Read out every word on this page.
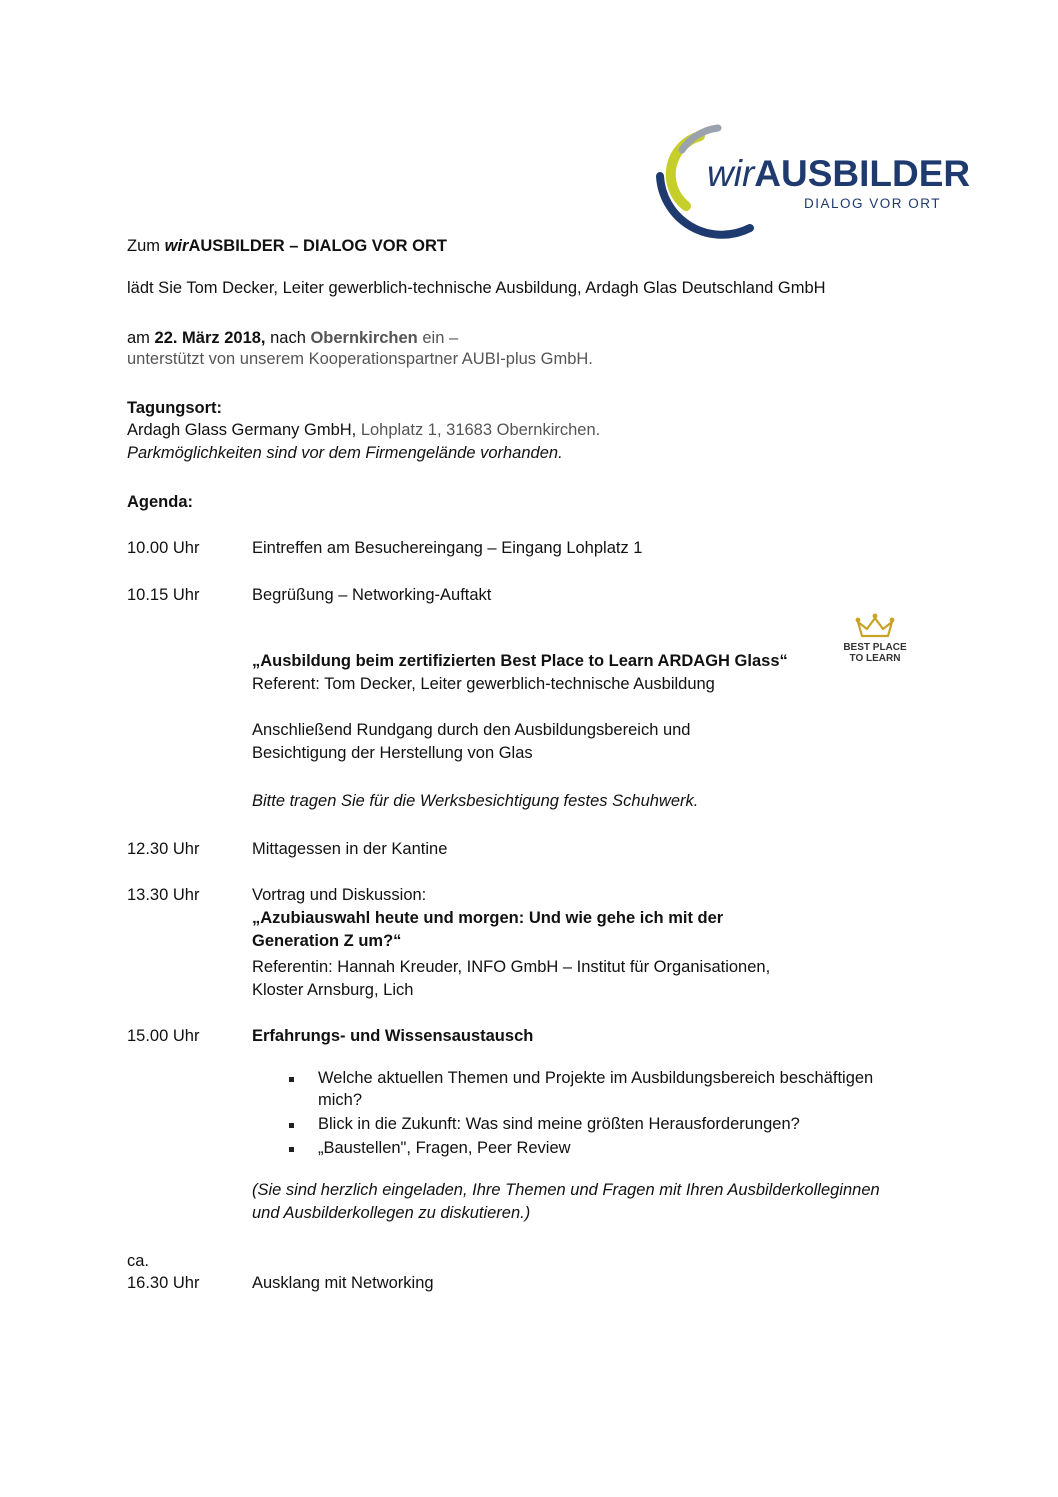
wirAUSBILDER
DIALOG VOR ORT
Zum wirAUSBILDER – DIALOG VOR ORT
lädt Sie Tom Decker, Leiter gewerblich-technische Ausbildung, Ardagh Glas Deutschland GmbH
am 22. März 2018, nach Obernkirchen ein –
unterstützt von unserem Kooperationspartner AUBI-plus GmbH.
Tagungsort:
Ardagh Glass Germany GmbH, Lohplatz 1, 31683 Obernkirchen.
Parkmöglichkeiten sind vor dem Firmengelände vorhanden.
Agenda:
10.00 Uhr	Eintreffen am Besuchereingang – Eingang Lohplatz 1
10.15 Uhr	Begrüßung – Networking-Auftakt
„Ausbildung beim zertifizierten Best Place to Learn ARDAGH Glass“
Referent: Tom Decker, Leiter gewerblich-technische Ausbildung
Anschließend Rundgang durch den Ausbildungsbereich und
Besichtigung der Herstellung von Glas
Bitte tragen Sie für die Werksbesichtigung festes Schuhwerk.
BEST PLACE
TO LEARN
12.30 Uhr	Mittagessen in der Kantine
13.30 Uhr	Vortrag und Diskussion:
„Azubiauswahl heute und morgen: Und wie gehe ich mit der
Generation Z um?“
Referentin: Hannah Kreuder, INFO GmbH – Institut für Organisationen,
Kloster Arnsburg, Lich
15.00 Uhr	Erfahrungs- und Wissensaustausch
Welche aktuellen Themen und Projekte im Ausbildungsbereich beschäftigen
mich?
Blick in die Zukunft: Was sind meine größten Herausforderungen?
„Baustellen", Fragen, Peer Review
(Sie sind herzlich eingeladen, Ihre Themen und Fragen mit Ihren Ausbilderkolleginnen
und Ausbilderkollegen zu diskutieren.)
ca.
16.30 Uhr	Ausklang mit Networking
